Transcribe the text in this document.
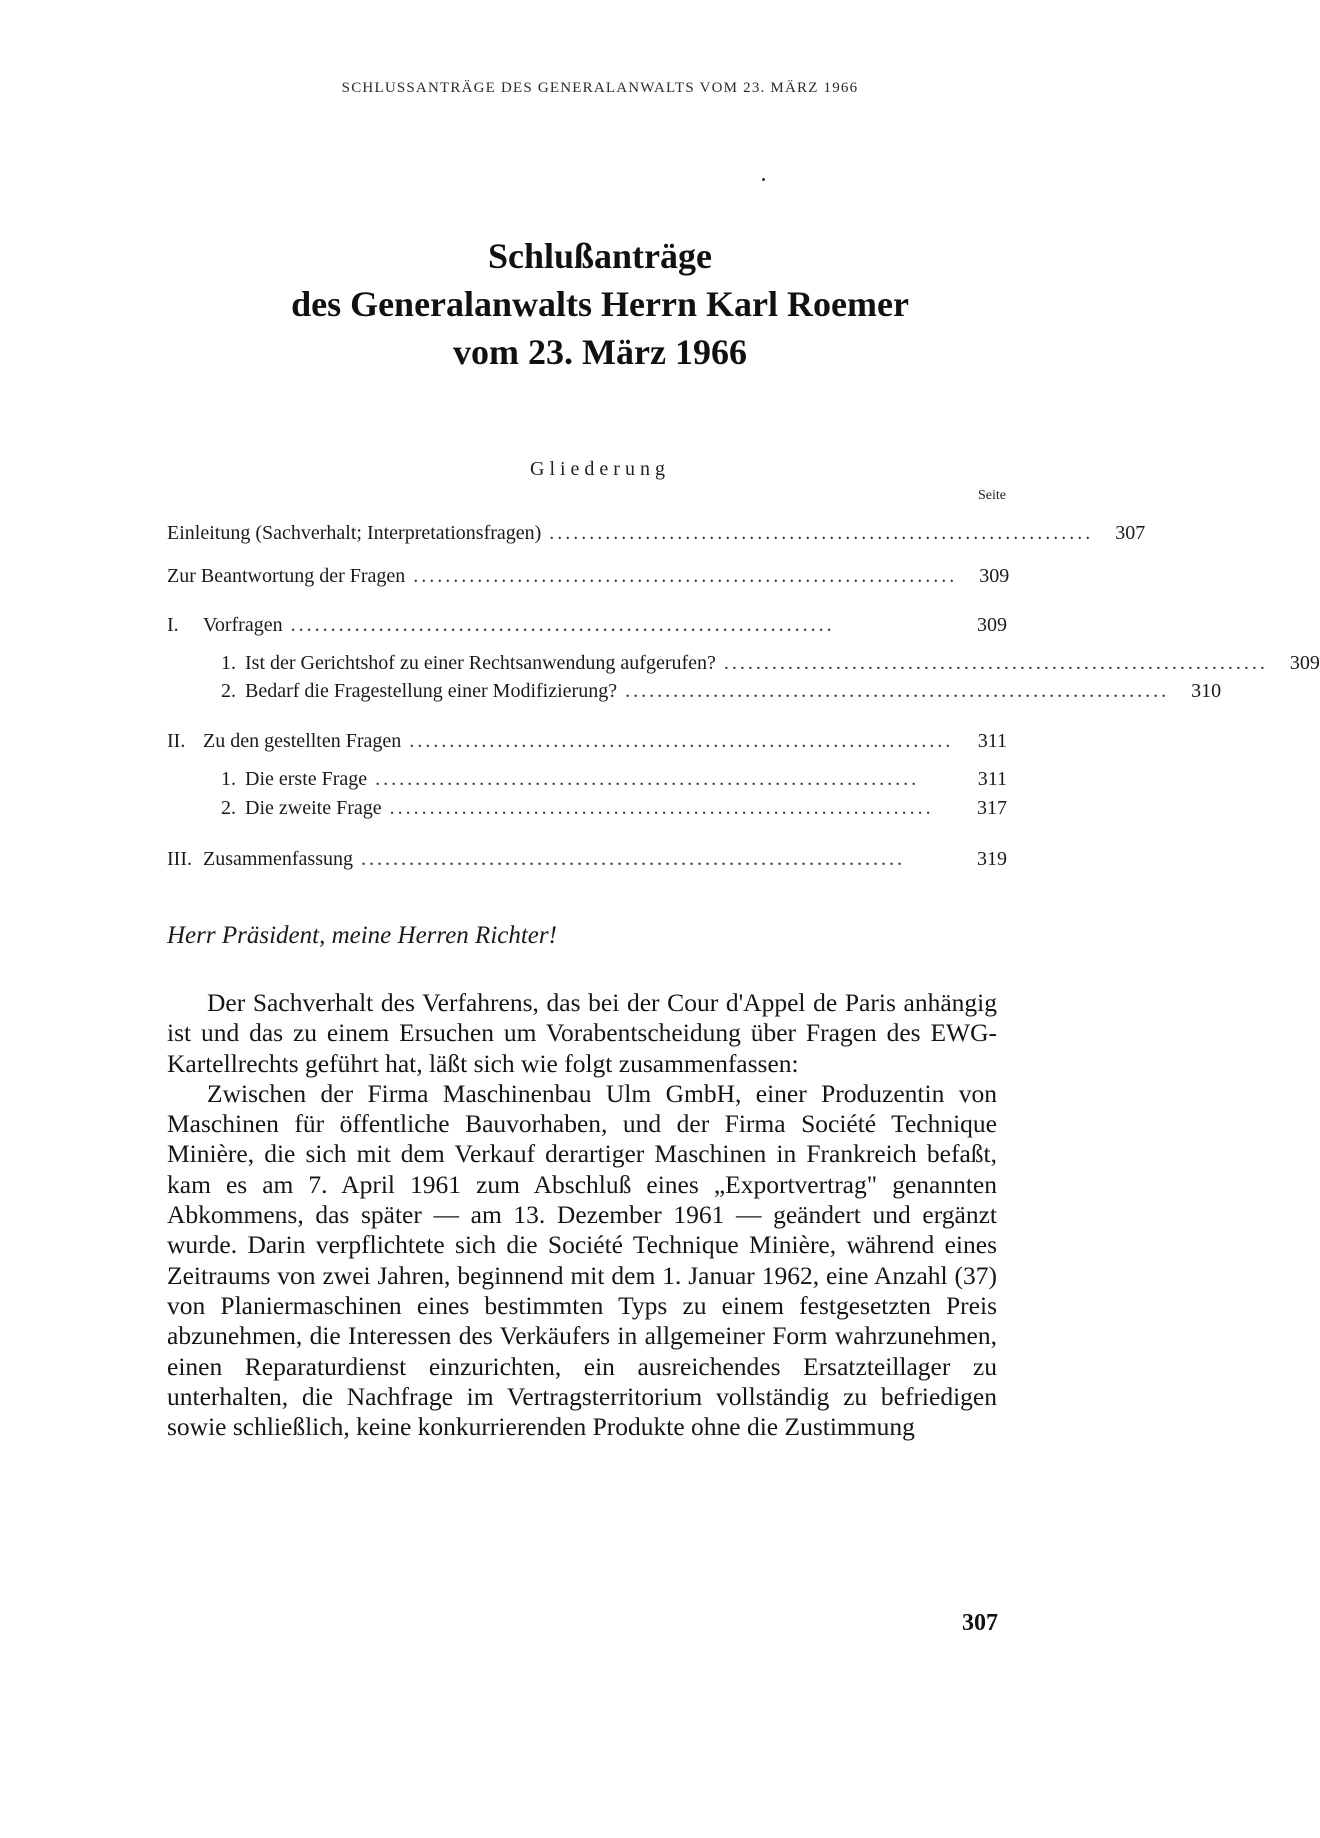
SCHLUSSANTRÄGE DES GENERALANWALTS VOM 23. MÄRZ 1966
Schlußanträge
des Generalanwalts Herrn Karl Roemer
vom 23. März 1966
Gliederung
Seite
Einleitung (Sachverhalt; Interpretationsfragen) ....................................................................	307
Zur Beantwortung der Fragen ....................................................................	309
I.	Vorfragen ....................................................................	309
1. Ist der Gerichtshof zu einer Rechtsanwendung aufgerufen? ....................................................................	309
2. Bedarf die Fragestellung einer Modifizierung? ....................................................................	310
II. Zu den gestellten Fragen ....................................................................	311
1. Die erste Frage ....................................................................	311
2. Die zweite Frage ....................................................................	317
III. Zusammenfassung ....................................................................	319
Herr Präsident, meine Herren Richter!

Der Sachverhalt des Verfahrens, das bei der Cour d'Appel de Paris anhängig ist und das zu einem Ersuchen um Vorabentscheidung über Fragen des EWG-Kartellrechts geführt hat, läßt sich wie folgt zusammenfassen:

Zwischen der Firma Maschinenbau Ulm GmbH, einer Produzentin von Maschinen für öffentliche Bauvorhaben, und der Firma Société Technique Minière, die sich mit dem Verkauf derartiger Maschinen in Frankreich befaßt, kam es am 7. April 1961 zum Abschluß eines „Exportvertrag" genannten Abkommens, das später — am 13. Dezember 1961 — geändert und ergänzt wurde. Darin verpflichtete sich die Société Technique Minière, während eines Zeitraums von zwei Jahren, beginnend mit dem 1. Januar 1962, eine Anzahl (37) von Planiermaschinen eines bestimmten Typs zu einem festgesetzten Preis abzunehmen, die Interessen des Verkäufers in allgemeiner Form wahrzunehmen, einen Reparaturdienst einzurichten, ein ausreichendes Ersatzteillager zu unterhalten, die Nachfrage im Vertragsterritorium vollständig zu befriedigen sowie schließlich, keine konkurrierenden Produkte ohne die Zustimmung

307
